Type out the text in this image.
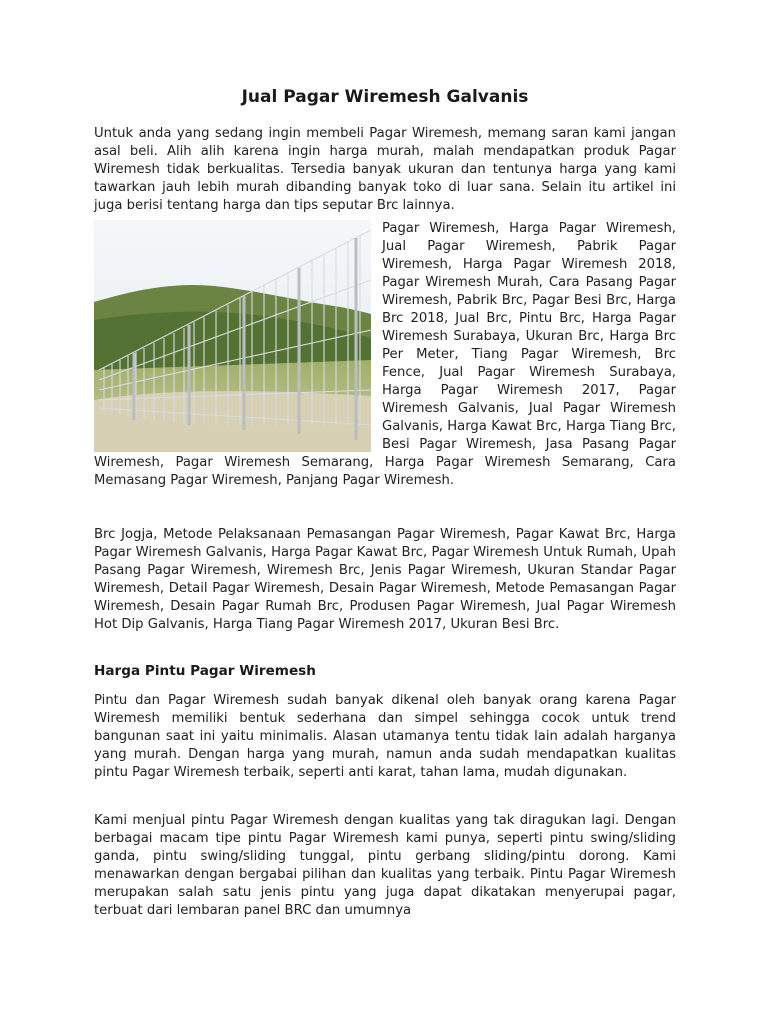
Jual Pagar Wiremesh Galvanis

Untuk anda yang sedang ingin membeli Pagar Wiremesh, memang saran kami jangan asal beli. Alih alih karena ingin harga murah, malah mendapatkan produk Pagar Wiremesh tidak berkualitas. Tersedia banyak ukuran dan tentunya harga yang kami tawarkan jauh lebih murah dibanding banyak toko di luar sana. Selain itu artikel ini juga berisi tentang harga dan tips seputar Brc lainnya.

Pagar Wiremesh, Harga Pagar Wiremesh, Jual Pagar Wiremesh, Pabrik Pagar Wiremesh, Harga Pagar Wiremesh 2018, Pagar Wiremesh Murah, Cara Pasang Pagar Wiremesh, Pabrik Brc, Pagar Besi Brc, Harga Brc 2018, Jual Brc, Pintu Brc, Harga Pagar Wiremesh Surabaya, Ukuran Brc, Harga Brc Per Meter, Tiang Pagar Wiremesh, Brc Fence, Jual Pagar Wiremesh Surabaya, Harga Pagar Wiremesh 2017, Pagar Wiremesh Galvanis, Jual Pagar Wiremesh Galvanis, Harga Kawat Brc, Harga Tiang Brc, Besi Pagar Wiremesh, Jasa Pasang Pagar Wiremesh, Pagar Wiremesh Semarang, Harga Pagar Wiremesh Semarang, Cara Memasang Pagar Wiremesh, Panjang Pagar Wiremesh.

Brc Jogja, Metode Pelaksanaan Pemasangan Pagar Wiremesh, Pagar Kawat Brc, Harga Pagar Wiremesh Galvanis, Harga Pagar Kawat Brc, Pagar Wiremesh Untuk Rumah, Upah Pasang Pagar Wiremesh, Wiremesh Brc, Jenis Pagar Wiremesh, Ukuran Standar Pagar Wiremesh, Detail Pagar Wiremesh, Desain Pagar Wiremesh, Metode Pemasangan Pagar Wiremesh, Desain Pagar Rumah Brc, Produsen Pagar Wiremesh, Jual Pagar Wiremesh Hot Dip Galvanis, Harga Tiang Pagar Wiremesh 2017, Ukuran Besi Brc.

Harga Pintu Pagar Wiremesh

Pintu dan Pagar Wiremesh sudah banyak dikenal oleh banyak orang karena Pagar Wiremesh memiliki bentuk sederhana dan simpel sehingga cocok untuk trend bangunan saat ini yaitu minimalis. Alasan utamanya tentu tidak lain adalah harganya yang murah. Dengan harga yang murah, namun anda sudah mendapatkan kualitas pintu Pagar Wiremesh terbaik, seperti anti karat, tahan lama, mudah digunakan.

Kami menjual pintu Pagar Wiremesh dengan kualitas yang tak diragukan lagi. Dengan berbagai macam tipe pintu Pagar Wiremesh kami punya, seperti pintu swing/sliding ganda, pintu swing/sliding tunggal, pintu gerbang sliding/pintu dorong. Kami menawarkan dengan bergabai pilihan dan kualitas yang terbaik. Pintu Pagar Wiremesh merupakan salah satu jenis pintu yang juga dapat dikatakan menyerupai pagar, terbuat dari lembaran panel BRC dan umumnya
